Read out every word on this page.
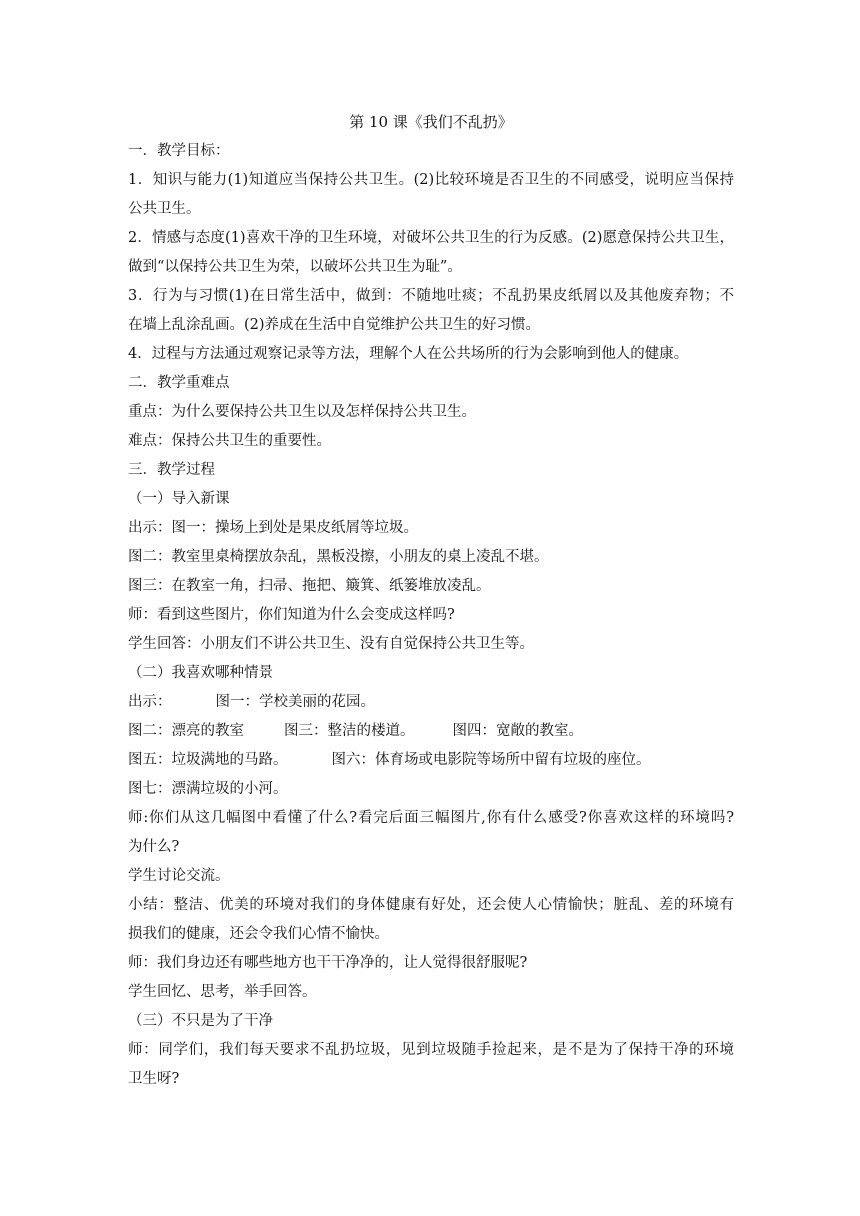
第 10 课《我们不乱扔》

一．教学目标：

1．知识与能力(1)知道应当保持公共卫生。(2)比较环境是否卫生的不同感受，说明应当保持

公共卫生。

2．情感与态度(1)喜欢干净的卫生环境，对破坏公共卫生的行为反感。(2)愿意保持公共卫生，

做到“以保持公共卫生为荣，以破坏公共卫生为耻”。

3．行为与习惯(1)在日常生活中，做到：不随地吐痰；不乱扔果皮纸屑以及其他废弃物；不

在墙上乱涂乱画。(2)养成在生活中自觉维护公共卫生的好习惯。

4．过程与方法通过观察记录等方法，理解个人在公共场所的行为会影响到他人的健康。

二．教学重难点

重点：为什么要保持公共卫生以及怎样保持公共卫生。

难点：保持公共卫生的重要性。

三．教学过程

（一）导入新课

出示：图一：操场上到处是果皮纸屑等垃圾。

图二：教室里桌椅摆放杂乱，黑板没擦，小朋友的桌上凌乱不堪。

图三：在教室一角，扫帚、拖把、簸箕、纸篓堆放凌乱。

师：看到这些图片，你们知道为什么会变成这样吗?

学生回答：小朋友们不讲公共卫生、没有自觉保持公共卫生等。

（二）我喜欢哪种情景

出示：	图一：学校美丽的花园。

图二：漂亮的教室	图三：整洁的楼道。	图四：宽敞的教室。

图五：垃圾满地的马路。	图六：体育场或电影院等场所中留有垃圾的座位。

图七：漂满垃圾的小河。

师:你们从这几幅图中看懂了什么?看完后面三幅图片,你有什么感受?你喜欢这样的环境吗?

为什么?

学生讨论交流。

小结：整洁、优美的环境对我们的身体健康有好处，还会使人心情愉快；脏乱、差的环境有

损我们的健康，还会令我们心情不愉快。

师：我们身边还有哪些地方也干干净净的，让人觉得很舒服呢?

学生回忆、思考，举手回答。

（三）不只是为了干净

师：同学们，我们每天要求不乱扔垃圾，见到垃圾随手捡起来，是不是为了保持干净的环境

卫生呀?
